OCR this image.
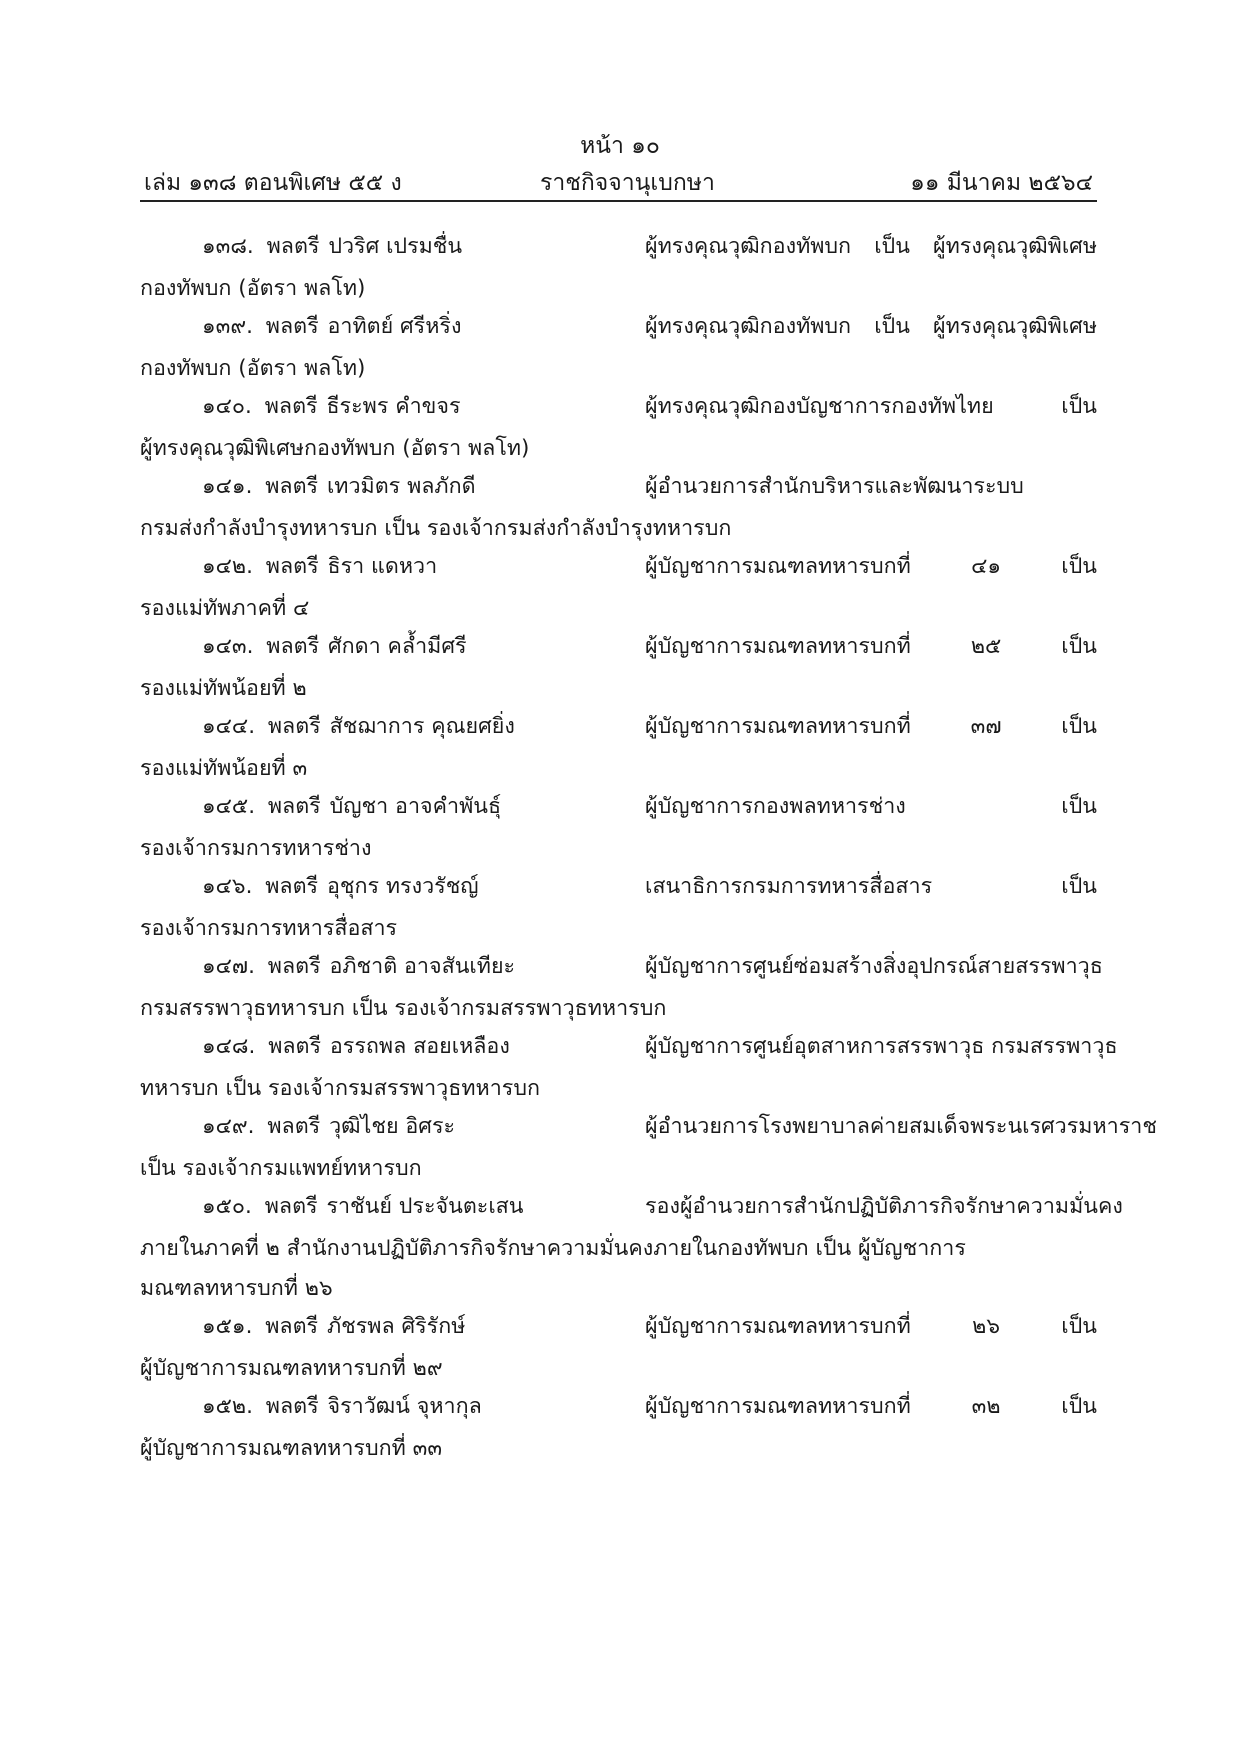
หน้า ๑๐
เล่ม ๑๓๘ ตอนพิเศษ ๕๕ ง	ราชกิจจานุเบกษา	๑๑ มีนาคม ๒๕๖๔
๑๓๘. พลตรี ปวริศ เปรมชื่น	ผู้ทรงคุณวุฒิกองทัพบก เป็น ผู้ทรงคุณวุฒิพิเศษ
กองทัพบก (อัตรา พลโท)
๑๓๙. พลตรี อาทิตย์ ศรีหริ่ง	ผู้ทรงคุณวุฒิกองทัพบก เป็น ผู้ทรงคุณวุฒิพิเศษ
กองทัพบก (อัตรา พลโท)
๑๔๐. พลตรี ธีระพร คำขจร	ผู้ทรงคุณวุฒิกองบัญชาการกองทัพไทย เป็น
ผู้ทรงคุณวุฒิพิเศษกองทัพบก (อัตรา พลโท)
๑๔๑. พลตรี เทวมิตร พลภักดี	ผู้อำนวยการสำนักบริหารและพัฒนาระบบ
กรมส่งกำลังบำรุงทหารบก เป็น รองเจ้ากรมส่งกำลังบำรุงทหารบก
๑๔๒. พลตรี ธิรา แดหวา	ผู้บัญชาการมณฑลทหารบกที่ ๔๑ เป็น
รองแม่ทัพภาคที่ ๔
๑๔๓. พลตรี ศักดา คล้ำมีศรี	ผู้บัญชาการมณฑลทหารบกที่ ๒๕ เป็น
รองแม่ทัพน้อยที่ ๒
๑๔๔. พลตรี สัชฌาการ คุณยศยิ่ง	ผู้บัญชาการมณฑลทหารบกที่ ๓๗ เป็น
รองแม่ทัพน้อยที่ ๓
๑๔๕. พลตรี บัญชา อาจคำพันธุ์	ผู้บัญชาการกองพลทหารช่าง เป็น
รองเจ้ากรมการทหารช่าง
๑๔๖. พลตรี อุชุกร ทรงวรัชญ์	เสนาธิการกรมการทหารสื่อสาร เป็น
รองเจ้ากรมการทหารสื่อสาร
๑๔๗. พลตรี อภิชาติ อาจสันเทียะ	ผู้บัญชาการศูนย์ซ่อมสร้างสิ่งอุปกรณ์สายสรรพาวุธ
กรมสรรพาวุธทหารบก เป็น รองเจ้ากรมสรรพาวุธทหารบก
๑๔๘. พลตรี อรรถพล สอยเหลือง	ผู้บัญชาการศูนย์อุตสาหการสรรพาวุธ กรมสรรพาวุธ
ทหารบก เป็น รองเจ้ากรมสรรพาวุธทหารบก
๑๔๙. พลตรี วุฒิไชย อิศระ	ผู้อำนวยการโรงพยาบาลค่ายสมเด็จพระนเรศวรมหาราช
เป็น รองเจ้ากรมแพทย์ทหารบก
๑๕๐. พลตรี ราชันย์ ประจันตะเสน	รองผู้อำนวยการสำนักปฏิบัติภารกิจรักษาความมั่นคง
ภายในภาคที่ ๒ สำนักงานปฏิบัติภารกิจรักษาความมั่นคงภายในกองทัพบก เป็น ผู้บัญชาการ
มณฑลทหารบกที่ ๒๖
๑๕๑. พลตรี ภัชรพล ศิริรักษ์	ผู้บัญชาการมณฑลทหารบกที่ ๒๖ เป็น
ผู้บัญชาการมณฑลทหารบกที่ ๒๙
๑๕๒. พลตรี จิราวัฒน์ จุหากุล	ผู้บัญชาการมณฑลทหารบกที่ ๓๒ เป็น
ผู้บัญชาการมณฑลทหารบกที่ ๓๓
